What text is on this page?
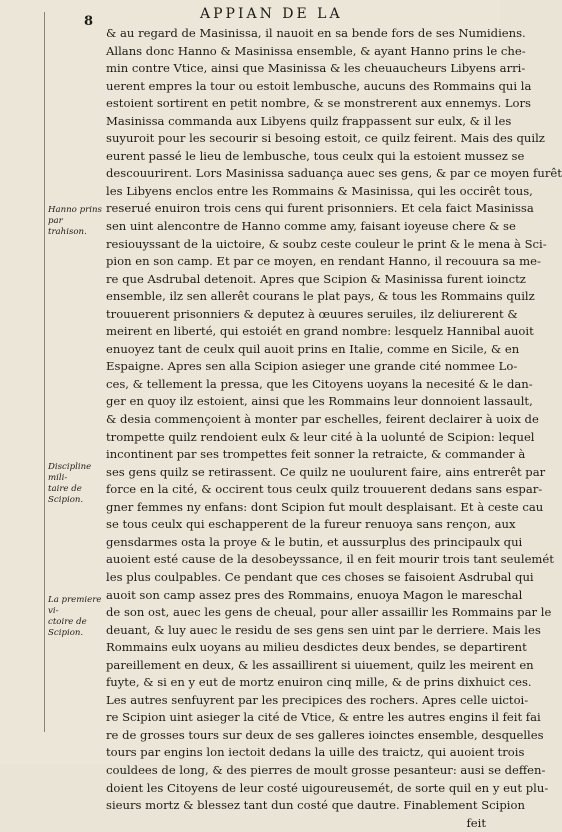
8	APPIAN DE LA
Hanno prins par
trahison.
Discipline mili-
taire de Scipion.
La premiere vi-
ctoire de Scipion.
& au regard de Masinissa, il nauoit en sa bende fors de ses Numidiens.
Allans donc Hanno & Masinissa ensemble, & ayant Hanno prins le che-
min contre Vtice, ainsi que Masinissa & les cheuaucheurs Libyens arri-
uerent empres la tour ou estoit lembusche, aucuns des Rommains qui la
estoient sortirent en petit nombre, & se monstrerent aux ennemys. Lors
Masinissa commanda aux Libyens quilz frappassent sur eulx, & il les
suyuroit pour les secourir si besoing estoit, ce quilz feirent. Mais des quilz
eurent passé le lieu de lembusche, tous ceulx qui la estoient mussez se
descouurirent. Lors Masinissa saduança auec ses gens, & par ce moyen furêt
les Libyens enclos entre les Rommains & Masinissa, qui les occirêt tous,
reserué enuiron trois cens qui furent prisonniers. Et cela faict Masinissa
sen uint alencontre de Hanno comme amy, faisant ioyeuse chere & se
resiouyssant de la uictoire, & soubz ceste couleur le print & le mena à Sci-
pion en son camp. Et par ce moyen, en rendant Hanno, il recouura sa me-
re que Asdrubal detenoit. Apres que Scipion & Masinissa furent ioinctz
ensemble, ilz sen allerêt courans le plat pays, & tous les Rommains quilz
trouuerent prisonniers & deputez à œuures seruiles, ilz deliurerent &
meirent en liberté, qui estoiét en grand nombre: lesquelz Hannibal auoit
enuoyez tant de ceulx quil auoit prins en Italie, comme en Sicile, & en
Espaigne. Apres sen alla Scipion asieger une grande cité nommee Lo-
ces, & tellement la pressa, que les Citoyens uoyans la necesité & le dan-
ger en quoy ilz estoient, ainsi que les Rommains leur donnoient lassault,
& desia commençoient à monter par eschelles, feirent declairer à uoix de
trompette quilz rendoient eulx & leur cité à la uolunté de Scipion: lequel
incontinent par ses trompettes feit sonner la retraicte, & commander à
ses gens quilz se retirassent. Ce quilz ne uoulurent faire, ains entrerêt par
force en la cité, & occirent tous ceulx quilz trouuerent dedans sans espar-
gner femmes ny enfans: dont Scipion fut moult desplaisant. Et à ceste cau
se tous ceulx qui eschapperent de la fureur renuoya sans rençon, aux
gensdarmes osta la proye & le butin, et aussurplus des principaulx qui
auoient esté cause de la desobeyssance, il en feit mourir trois tant seulemét
les plus coulpables. Ce pendant que ces choses se faisoient Asdrubal qui
auoit son camp assez pres des Rommains, enuoya Magon le mareschal
de son ost, auec les gens de cheual, pour aller assaillir les Rommains par le
deuant, & luy auec le residu de ses gens sen uint par le derriere. Mais les
Rommains eulx uoyans au milieu desdictes deux bendes, se departirent
pareillement en deux, & les assaillirent si uiuement, quilz les meirent en
fuyte, & si en y eut de mortz enuiron cinq mille, & de prins dixhuict ces.
Les autres senfuyrent par les precipices des rochers. Apres celle uictoi-
re Scipion uint asieger la cité de Vtice, & entre les autres engins il feit fai
re de grosses tours sur deux de ses galleres ioinctes ensemble, desquelles
tours par engins lon iectoit dedans la uille des traictz, qui auoient trois
couldees de long, & des pierres de moult grosse pesanteur: ausi se deffen-
doient les Citoyens de leur costé uigoureusemét, de sorte quil en y eut plu-
sieurs mortz & blessez tant dun costé que dautre. Finablement Scipion
feit
